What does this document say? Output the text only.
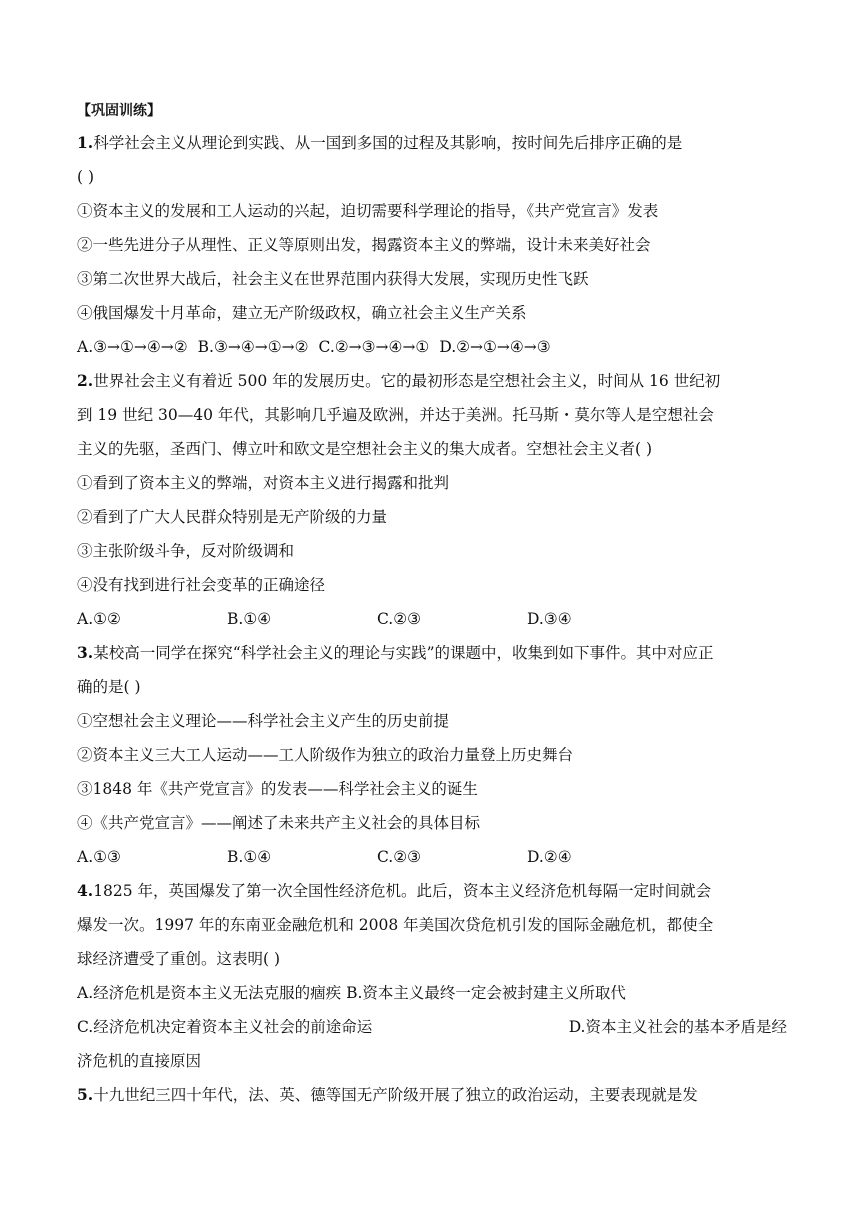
【巩固训练】
1.科学社会主义从理论到实践、从一国到多国的过程及其影响，按时间先后排序正确的是
( )
①资本主义的发展和工人运动的兴起，迫切需要科学理论的指导，《共产党宣言》发表
②一些先进分子从理性、正义等原则出发，揭露资本主义的弊端，设计未来美好社会
③第二次世界大战后，社会主义在世界范围内获得大发展，实现历史性飞跃
④俄国爆发十月革命，建立无产阶级政权，确立社会主义生产关系
A.③→①→④→② B.③→④→①→② C.②→③→④→① D.②→①→④→③
2.世界社会主义有着近 500 年的发展历史。它的最初形态是空想社会主义，时间从 16 世纪初
到 19 世纪 30—40 年代，其影响几乎遍及欧洲，并达于美洲。托马斯・莫尔等人是空想社会
主义的先驱，圣西门、傅立叶和欧文是空想社会主义的集大成者。空想社会主义者( )
①看到了资本主义的弊端，对资本主义进行揭露和批判
②看到了广大人民群众特别是无产阶级的力量
③主张阶级斗争，反对阶级调和
④没有找到进行社会变革的正确途径
A.①②	B.①④	C.②③	D.③④
3.某校高一同学在探究“科学社会主义的理论与实践”的课题中，收集到如下事件。其中对应正
确的是( )
①空想社会主义理论——科学社会主义产生的历史前提
②资本主义三大工人运动——工人阶级作为独立的政治力量登上历史舞台
③1848 年《共产党宣言》的发表——科学社会主义的诞生
④《共产党宣言》——阐述了未来共产主义社会的具体目标
A.①③	B.①④	C.②③	D.②④
4.1825 年，英国爆发了第一次全国性经济危机。此后，资本主义经济危机每隔一定时间就会
爆发一次。1997 年的东南亚金融危机和 2008 年美国次贷危机引发的国际金融危机，都使全
球经济遭受了重创。这表明( )
A.经济危机是资本主义无法克服的痼疾 B.资本主义最终一定会被封建主义所取代
C.经济危机决定着资本主义社会的前途命运	D.资本主义社会的基本矛盾是经
济危机的直接原因
5.十九世纪三四十年代，法、英、德等国无产阶级开展了独立的政治运动，主要表现就是发
